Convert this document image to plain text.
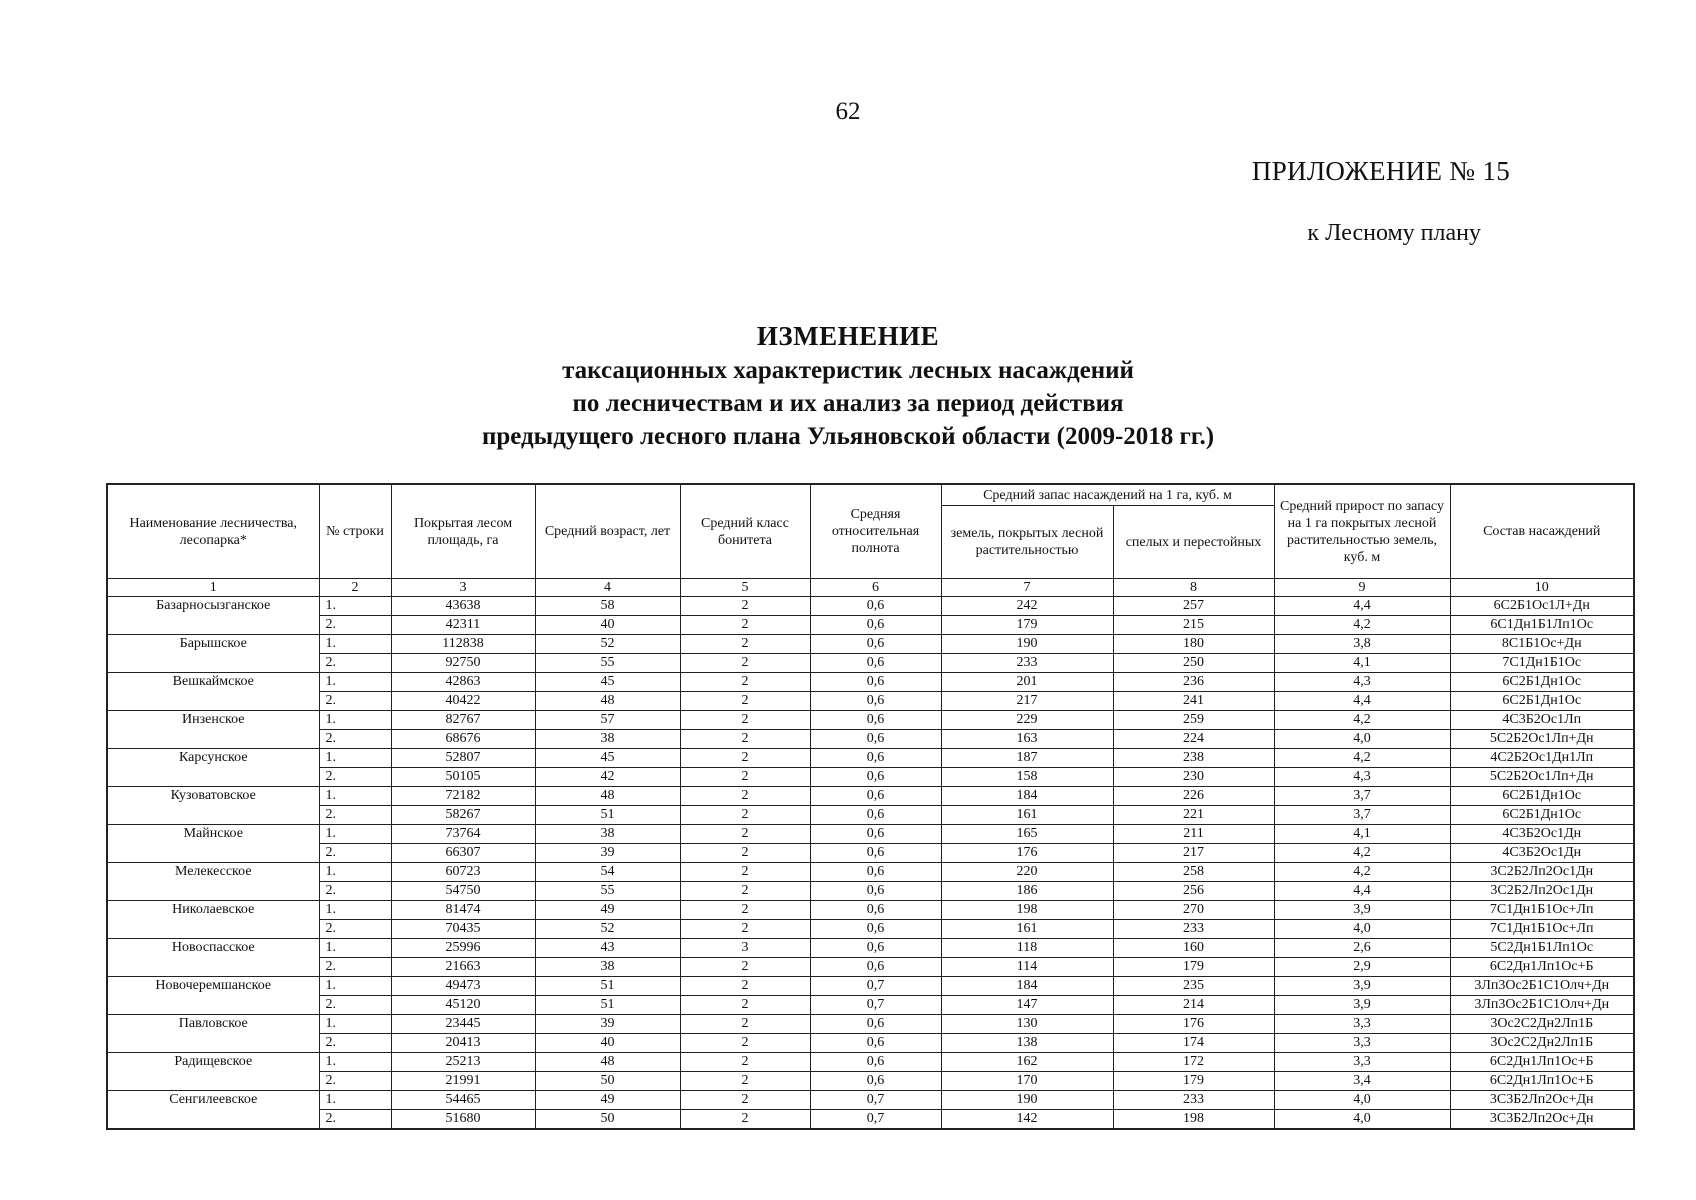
62
ПРИЛОЖЕНИЕ № 15
к Лесному плану
ИЗМЕНЕНИЕ
таксационных характеристик лесных насаждений
по лесничествам и их анализ за период действия
предыдущего лесного плана Ульяновской области (2009-2018 гг.)
Наименование лесничества, лесопарка*	№ строки	Покрытая лесом площадь, га	Средний возраст, лет	Средний класс бонитета	Средняя относительная полнота	Средний запас насаждений на 1 га, куб. м		Средний прирост по запасу на 1 га покрытых лесной растительностью земель, куб. м	Состав насаждений
						земель, покрытых лесной растительностью	спелых и перестойных		
1	2	3	4	5	6	7	8	9	10
Базарносызганское	1.	43638	58	2	0,6	242	257	4,4	6С2Б1Ос1Л+Дн
	2.	42311	40	2	0,6	179	215	4,2	6С1Дн1Б1Лп1Ос
Барышское	1.	112838	52	2	0,6	190	180	3,8	8С1Б1Ос+Дн
	2.	92750	55	2	0,6	233	250	4,1	7С1Дн1Б1Ос
Вешкаймское	1.	42863	45	2	0,6	201	236	4,3	6С2Б1Дн1Ос
	2.	40422	48	2	0,6	217	241	4,4	6С2Б1Дн1Ос
Инзенское	1.	82767	57	2	0,6	229	259	4,2	4С3Б2Ос1Лп
	2.	68676	38	2	0,6	163	224	4,0	5С2Б2Ос1Лп+Дн
Карсунское	1.	52807	45	2	0,6	187	238	4,2	4С2Б2Ос1Дн1Лп
	2.	50105	42	2	0,6	158	230	4,3	5С2Б2Ос1Лп+Дн
Кузоватовское	1.	72182	48	2	0,6	184	226	3,7	6С2Б1Дн1Ос
	2.	58267	51	2	0,6	161	221	3,7	6С2Б1Дн1Ос
Майнское	1.	73764	38	2	0,6	165	211	4,1	4С3Б2Ос1Дн
	2.	66307	39	2	0,6	176	217	4,2	4С3Б2Ос1Дн
Мелекесское	1.	60723	54	2	0,6	220	258	4,2	3С2Б2Лп2Ос1Дн
	2.	54750	55	2	0,6	186	256	4,4	3С2Б2Лп2Ос1Дн
Николаевское	1.	81474	49	2	0,6	198	270	3,9	7С1Дн1Б1Ос+Лп
	2.	70435	52	2	0,6	161	233	4,0	7С1Дн1Б1Ос+Лп
Новоспасское	1.	25996	43	3	0,6	118	160	2,6	5С2Дн1Б1Лп1Ос
	2.	21663	38	2	0,6	114	179	2,9	6С2Дн1Лп1Ос+Б
Новочеремшанское	1.	49473	51	2	0,7	184	235	3,9	3Лп3Ос2Б1С1Олч+Дн
	2.	45120	51	2	0,7	147	214	3,9	3Лп3Ос2Б1С1Олч+Дн
Павловское	1.	23445	39	2	0,6	130	176	3,3	3Ос2С2Дн2Лп1Б
	2.	20413	40	2	0,6	138	174	3,3	3Ос2С2Дн2Лп1Б
Радищевское	1.	25213	48	2	0,6	162	172	3,3	6С2Дн1Лп1Ос+Б
	2.	21991	50	2	0,6	170	179	3,4	6С2Дн1Лп1Ос+Б
Сенгилеевское	1.	54465	49	2	0,7	190	233	4,0	3С3Б2Лп2Ос+Дн
	2.	51680	50	2	0,7	142	198	4,0	3С3Б2Лп2Ос+Дн
